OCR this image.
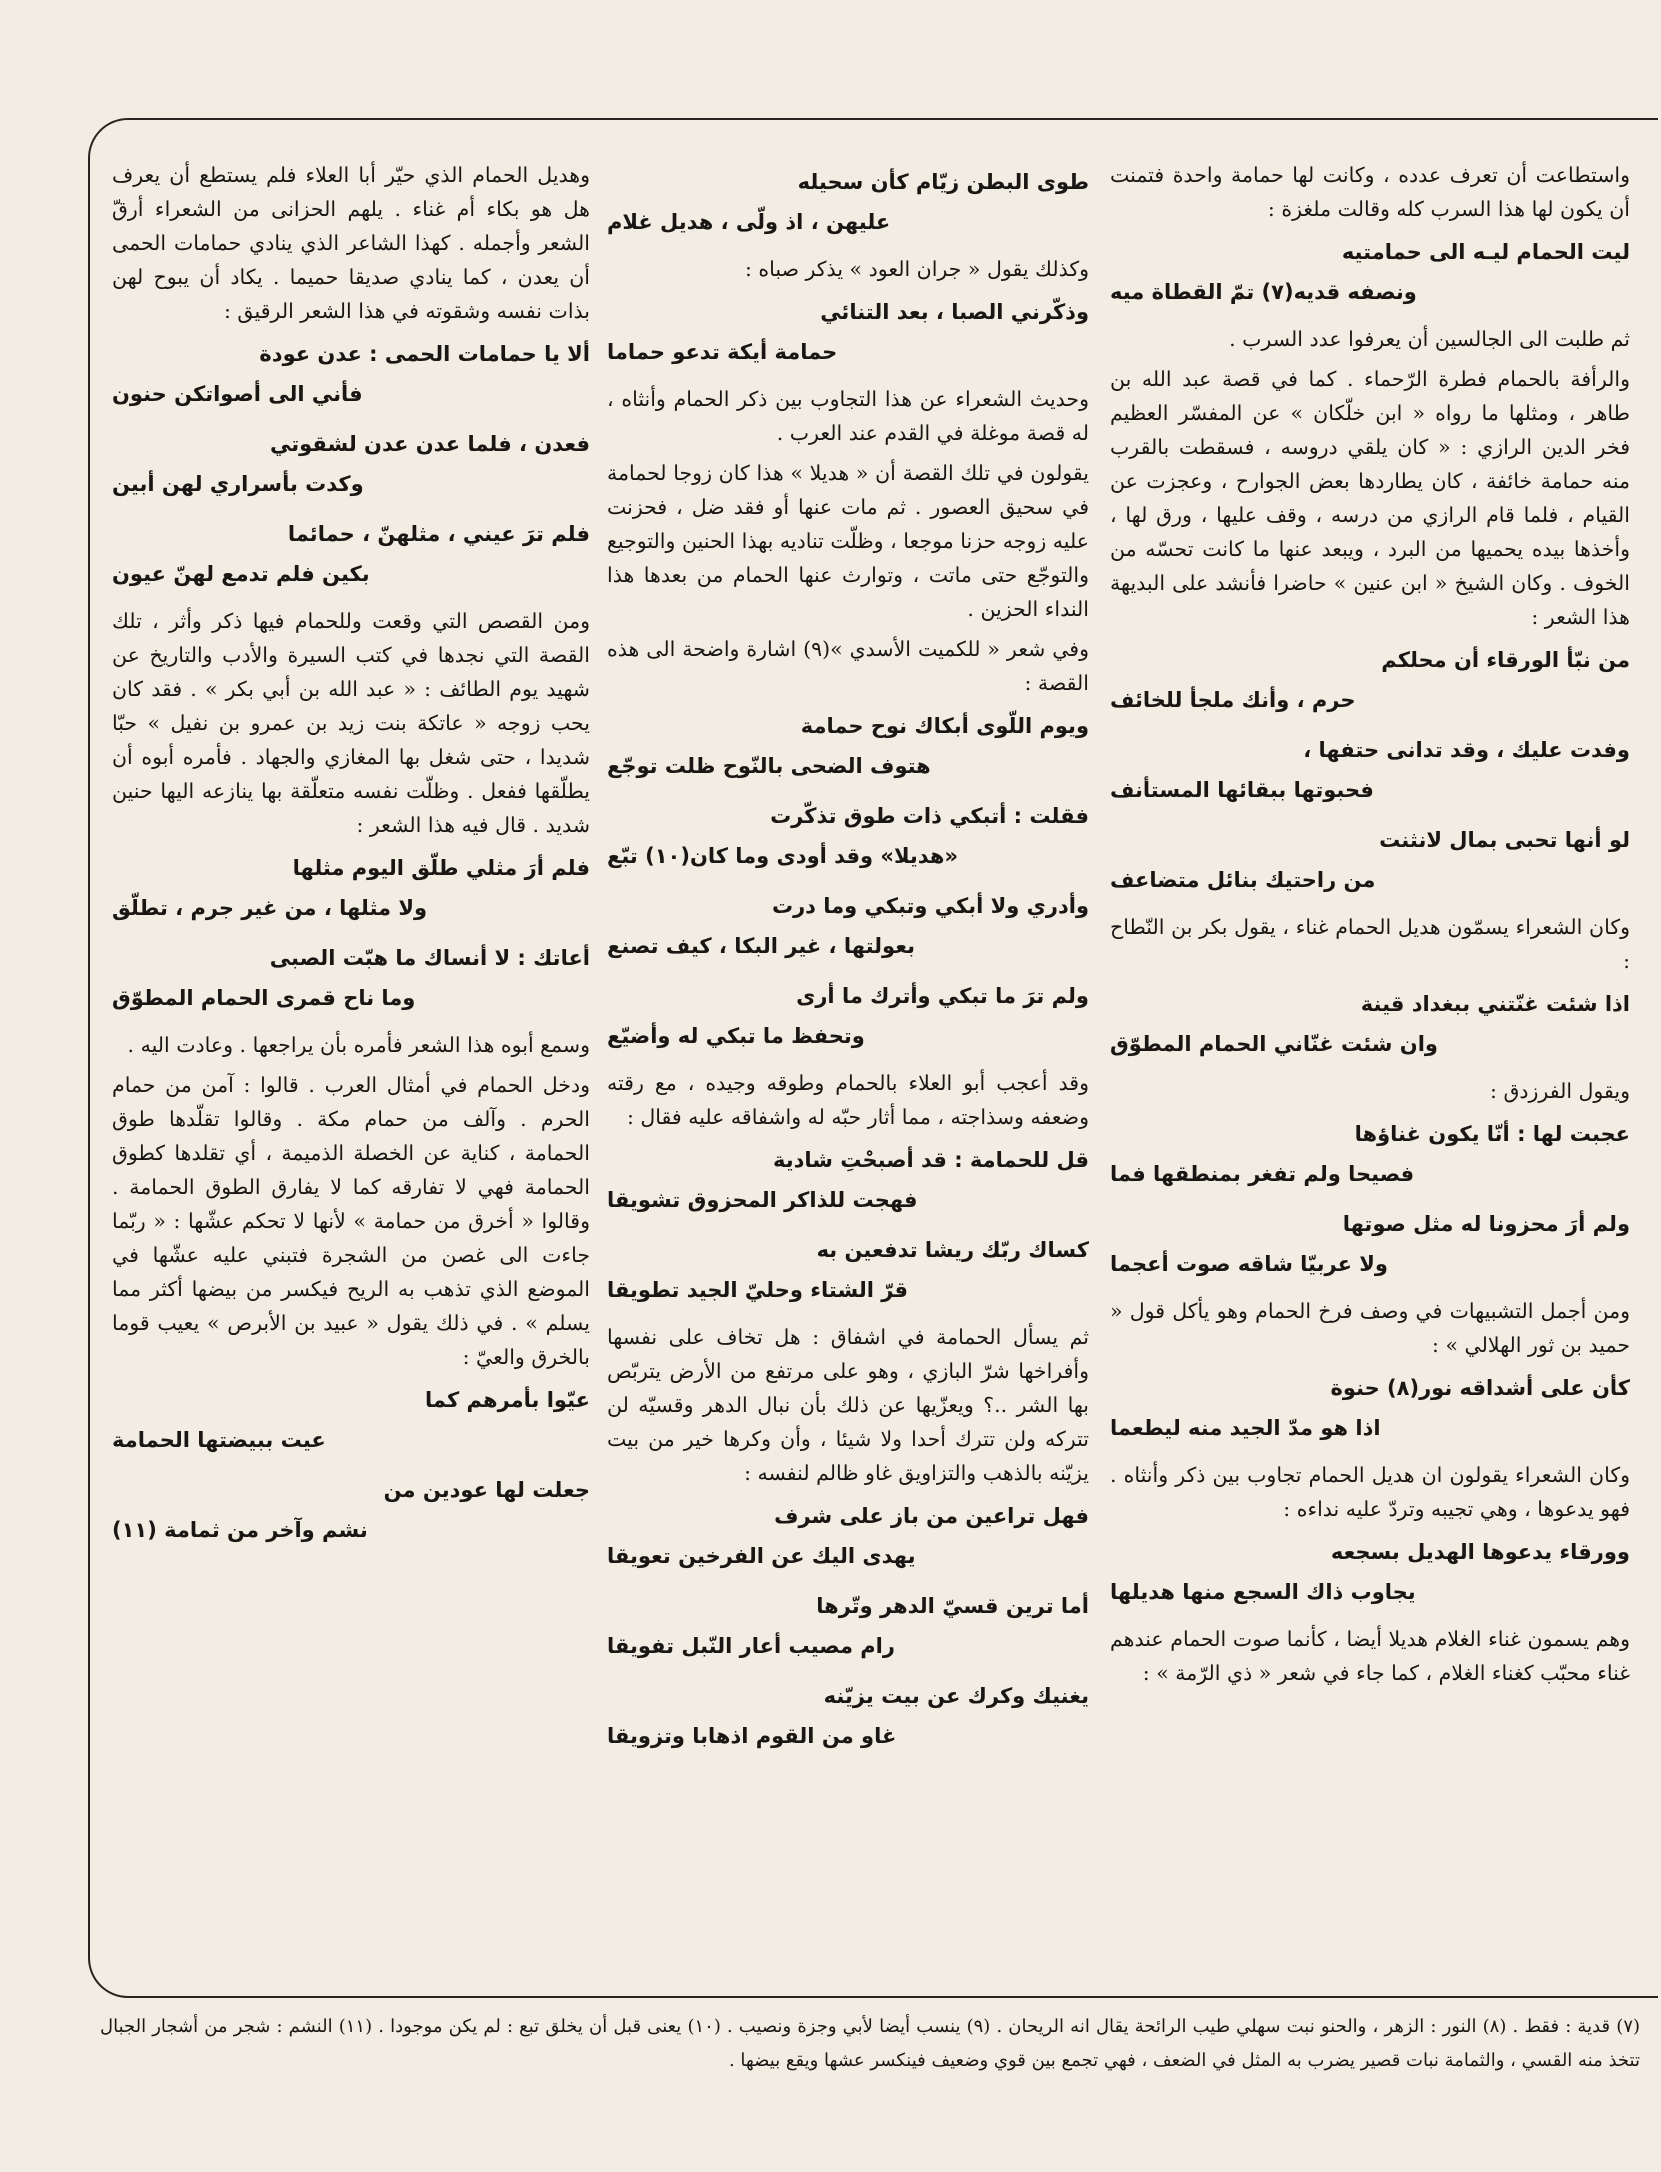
واستطاعت أن تعرف عدده ، وكانت لها حمامة واحدة فتمنت أن يكون لها هذا السرب كله وقالت ملغزة :

ليت الحمام ليـه الى حمامتيه
ونصفه قديه(٧) تمّ القطاة ميه

ثم طلبت الى الجالسين أن يعرفوا عدد السرب .

والرأفة بالحمام فطرة الرّحماء . كما في قصة عبد الله بن طاهر ، ومثلها ما رواه « ابن خلّكان » عن المفسّر العظيم فخر الدين الرازي : « كان يلقي دروسه ، فسقطت بالقرب منه حمامة خائفة ، كان يطاردها بعض الجوارح ، وعجزت عن القيام ، فلما قام الرازي من درسه ، وقف عليها ، ورق لها ، وأخذها بيده يحميها من البرد ، ويبعد عنها ما كانت تحسّه من الخوف . وكان الشيخ « ابن عنين » حاضرا فأنشد على البديهة هذا الشعر :

من نبّأ الورقاء أن محلكم
حرم ، وأنك ملجأ للخائف
وفدت عليك ، وقد تدانى حتفها ،
فحبوتها ببقائها المستأنف
لو أنها تحبى بمال لانثنت
من راحتيك بنائل متضاعف

وكان الشعراء يسمّون هديل الحمام غناء ، يقول بكر بن النّطاح :

اذا شئت غنّتني ببغداد قينة
وان شئت غنّاني الحمام المطوّق

ويقول الفرزدق :

عجبت لها : أنّا يكون غناؤها
فصيحا ولم تفغر بمنطقها فما
ولم أرَ محزونا له مثل صوتها
ولا عربيّا شاقه صوت أعجما

ومن أجمل التشبيهات في وصف فرخ الحمام وهو يأكل قول « حميد بن ثور الهلالي » :

كأن على أشداقه نور(٨) حنوة
اذا هو مدّ الجيد منه ليطعما

وكان الشعراء يقولون ان هديل الحمام تجاوب بين ذكر وأنثاه . فهو يدعوها ، وهي تجيبه وتردّ عليه نداءه :

وورقاء يدعوها الهديل بسجعه
يجاوب ذاك السجع منها هديلها

وهم يسمون غناء الغلام هديلا أيضا ، كأنما صوت الحمام عندهم غناء محبّب كغناء الغلام ، كما جاء في شعر « ذي الرّمة » :

طوى البطن زيّام كأن سحيله
عليهن ، اذ ولّى ، هديل غلام

وكذلك يقول « جران العود » يذكر صباه :

وذكّرني الصبا ، بعد التنائي
حمامة أيكة تدعو حماما

وحديث الشعراء عن هذا التجاوب بين ذكر الحمام وأنثاه ، له قصة موغلة في القدم عند العرب .

يقولون في تلك القصة أن « هديلا » هذا كان زوجا لحمامة في سحيق العصور . ثم مات عنها أو فقد ضل ، فحزنت عليه زوجه حزنا موجعا ، وظلّت تناديه بهذا الحنين والتوجيع والتوجّع حتى ماتت ، وتوارث عنها الحمام من بعدها هذا النداء الحزين .

وفي شعر « للكميت الأسدي »(٩) اشارة واضحة الى هذه القصة :

ويوم اللّوى أبكاك نوح حمامة
هتوف الضحى بالنّوح ظلت توجّع
فقلت : أتبكي ذات طوق تذكّرت
«هديلا» وقد أودى وما كان(١٠) تبّع
وأدري ولا أبكي وتبكي وما درت
بعولتها ، غير البكا ، كيف تصنع
ولم ترَ ما تبكي وأترك ما أرى
وتحفظ ما تبكي له وأضيّع

وقد أعجب أبو العلاء بالحمام وطوقه وجيده ، مع رقته وضعفه وسذاجته ، مما أثار حبّه له واشفاقه عليه فقال :

قل للحمامة : قد أصبحْتِ شادية
فهجت للذاكر المحزوق تشويقا
كساك ربّك ريشا تدفعين به
قرّ الشتاء وحليّ الجيد تطويقا

ثم يسأل الحمامة في اشفاق : هل تخاف على نفسها وأفراخها شرّ البازي ، وهو على مرتفع من الأرض يتربّص بها الشر ..؟ ويعزّيها عن ذلك بأن نبال الدهر وقسيّه لن تتركه ولن تترك أحدا ولا شيئا ، وأن وكرها خير من بيت يزيّنه بالذهب والتزاويق غاو ظالم لنفسه :

فهل تراعين من باز على شرف
يهدى اليك عن الفرخين تعويقا
أما ترين قسيّ الدهر وتّرها
رام مصيب أعار النّبل تفويقا
يغنيك وكرك عن بيت يزيّنه
غاو من القوم اذهابا وتزويقا

وهديل الحمام الذي حيّر أبا العلاء فلم يستطع أن يعرف هل هو بكاء أم غناء . يلهم الحزانى من الشعراء أرقّ الشعر وأجمله . كهذا الشاعر الذي ينادي حمامات الحمى أن يعدن ، كما ينادي صديقا حميما . يكاد أن يبوح لهن بذات نفسه وشقوته في هذا الشعر الرقيق :

ألا يا حمامات الحمى : عدن عودة
فأني الى أصواتكن حنون
فعدن ، فلما عدن عدن لشقوتي
وكدت بأسراري لهن أبين
فلم ترَ عيني ، مثلهنّ ، حمائما
بكين فلم تدمع لهنّ عيون

ومن القصص التي وقعت وللحمام فيها ذكر وأثر ، تلك القصة التي نجدها في كتب السيرة والأدب والتاريخ عن شهيد يوم الطائف : « عبد الله بن أبي بكر » . فقد كان يحب زوجه « عاتكة بنت زيد بن عمرو بن نفيل » حبّا شديدا ، حتى شغل بها المغازي والجهاد . فأمره أبوه أن يطلّقها ففعل . وظلّت نفسه متعلّقة بها ينازعه اليها حنين شديد . قال فيه هذا الشعر :

فلم أرَ مثلي طلّق اليوم مثلها
ولا مثلها ، من غير جرم ، تطلّق
أعاتك : لا أنساك ما هبّت الصبى
وما ناح قمرى الحمام المطوّق

وسمع أبوه هذا الشعر فأمره بأن يراجعها . وعادت اليه .

ودخل الحمام في أمثال العرب . قالوا : آمن من حمام الحرم . وآلف من حمام مكة . وقالوا تقلّدها طوق الحمامة ، كناية عن الخصلة الذميمة ، أي تقلدها كطوق الحمامة فهي لا تفارقه كما لا يفارق الطوق الحمامة . وقالوا « أخرق من حمامة » لأنها لا تحكم عشّها : « ربّما جاءت الى غصن من الشجرة فتبني عليه عشّها في الموضع الذي تذهب به الريح فيكسر من بيضها أكثر مما يسلم » . في ذلك يقول « عبيد بن الأبرص » يعيب قوما بالخرق والعيّ :

عيّوا بأمرهم كما
عيت ببيضتها الحمامة
جعلت لها عودين من
نشم وآخر من ثمامة (١١)

(٧) قدية : فقط . (٨) النور : الزهر ، والحنو نبت سهلي طيب الرائحة يقال انه الريحان . (٩) ينسب أيضا لأبي وجزة ونصيب . (١٠) يعنى قبل أن يخلق تبع : لم يكن موجودا . (١١) النشم : شجر من أشجار الجبال تتخذ منه القسي ، والثمامة نبات قصير يضرب به المثل في الضعف ، فهي تجمع بين قوي وضعيف فينكسر عشها ويقع بيضها .
